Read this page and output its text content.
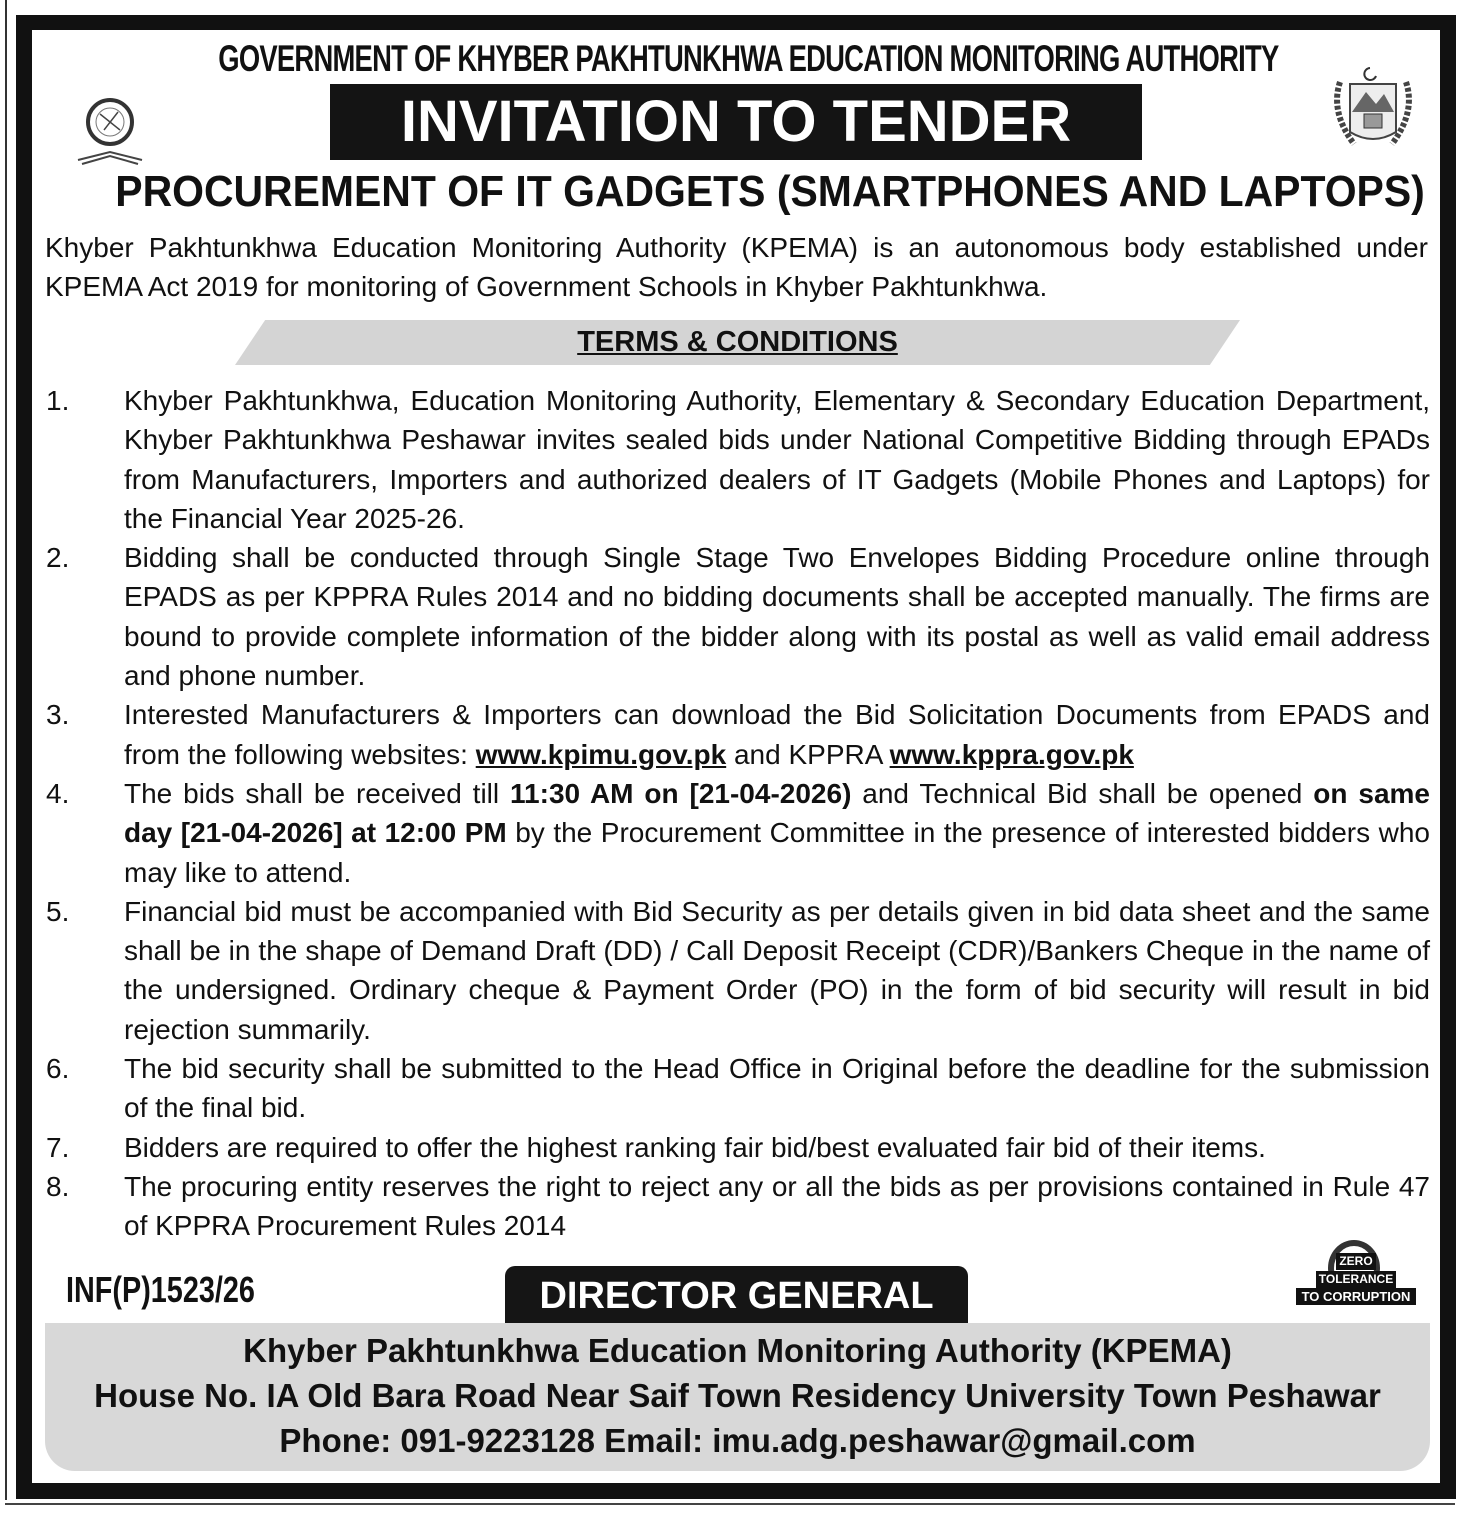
GOVERNMENT OF KHYBER PAKHTUNKHWA EDUCATION MONITORING AUTHORITY
INVITATION TO TENDER
PROCUREMENT OF IT GADGETS (SMARTPHONES AND LAPTOPS)
Khyber Pakhtunkhwa Education Monitoring Authority (KPEMA) is an autonomous body established under KPEMA Act 2019 for monitoring of Government Schools in Khyber Pakhtunkhwa.
TERMS & CONDITIONS
1.	Khyber Pakhtunkhwa, Education Monitoring Authority, Elementary & Secondary Education Department, Khyber Pakhtunkhwa Peshawar invites sealed bids under National Competitive Bidding through EPADs from Manufacturers, Importers and authorized dealers of IT Gadgets (Mobile Phones and Laptops) for the Financial Year 2025-26.
2.	Bidding shall be conducted through Single Stage Two Envelopes Bidding Procedure online through EPADS as per KPPRA Rules 2014 and no bidding documents shall be accepted manually. The firms are bound to provide complete information of the bidder along with its postal as well as valid email address and phone number.
3.	Interested Manufacturers & Importers can download the Bid Solicitation Documents from EPADS and from the following websites: www.kpimu.gov.pk and KPPRA www.kppra.gov.pk
4.	The bids shall be received till 11:30 AM on [21-04-2026) and Technical Bid shall be opened on same day [21-04-2026] at 12:00 PM by the Procurement Committee in the presence of interested bidders who may like to attend.
5.	Financial bid must be accompanied with Bid Security as per details given in bid data sheet and the same shall be in the shape of Demand Draft (DD) / Call Deposit Receipt (CDR)/Bankers Cheque in the name of the undersigned. Ordinary cheque & Payment Order (PO) in the form of bid security will result in bid rejection summarily.
6.	The bid security shall be submitted to the Head Office in Original before the deadline for the submission of the final bid.
7.	Bidders are required to offer the highest ranking fair bid/best evaluated fair bid of their items.
8.	The procuring entity reserves the right to reject any or all the bids as per provisions contained in Rule 47 of KPPRA Procurement Rules 2014
INF(P)1523/26	DIRECTOR GENERAL
ZERO
TOLERANCE
TO CORRUPTION
Khyber Pakhtunkhwa Education Monitoring Authority (KPEMA)
House No. IA Old Bara Road Near Saif Town Residency University Town Peshawar
Phone: 091-9223128 Email: imu.adg.peshawar@gmail.com
